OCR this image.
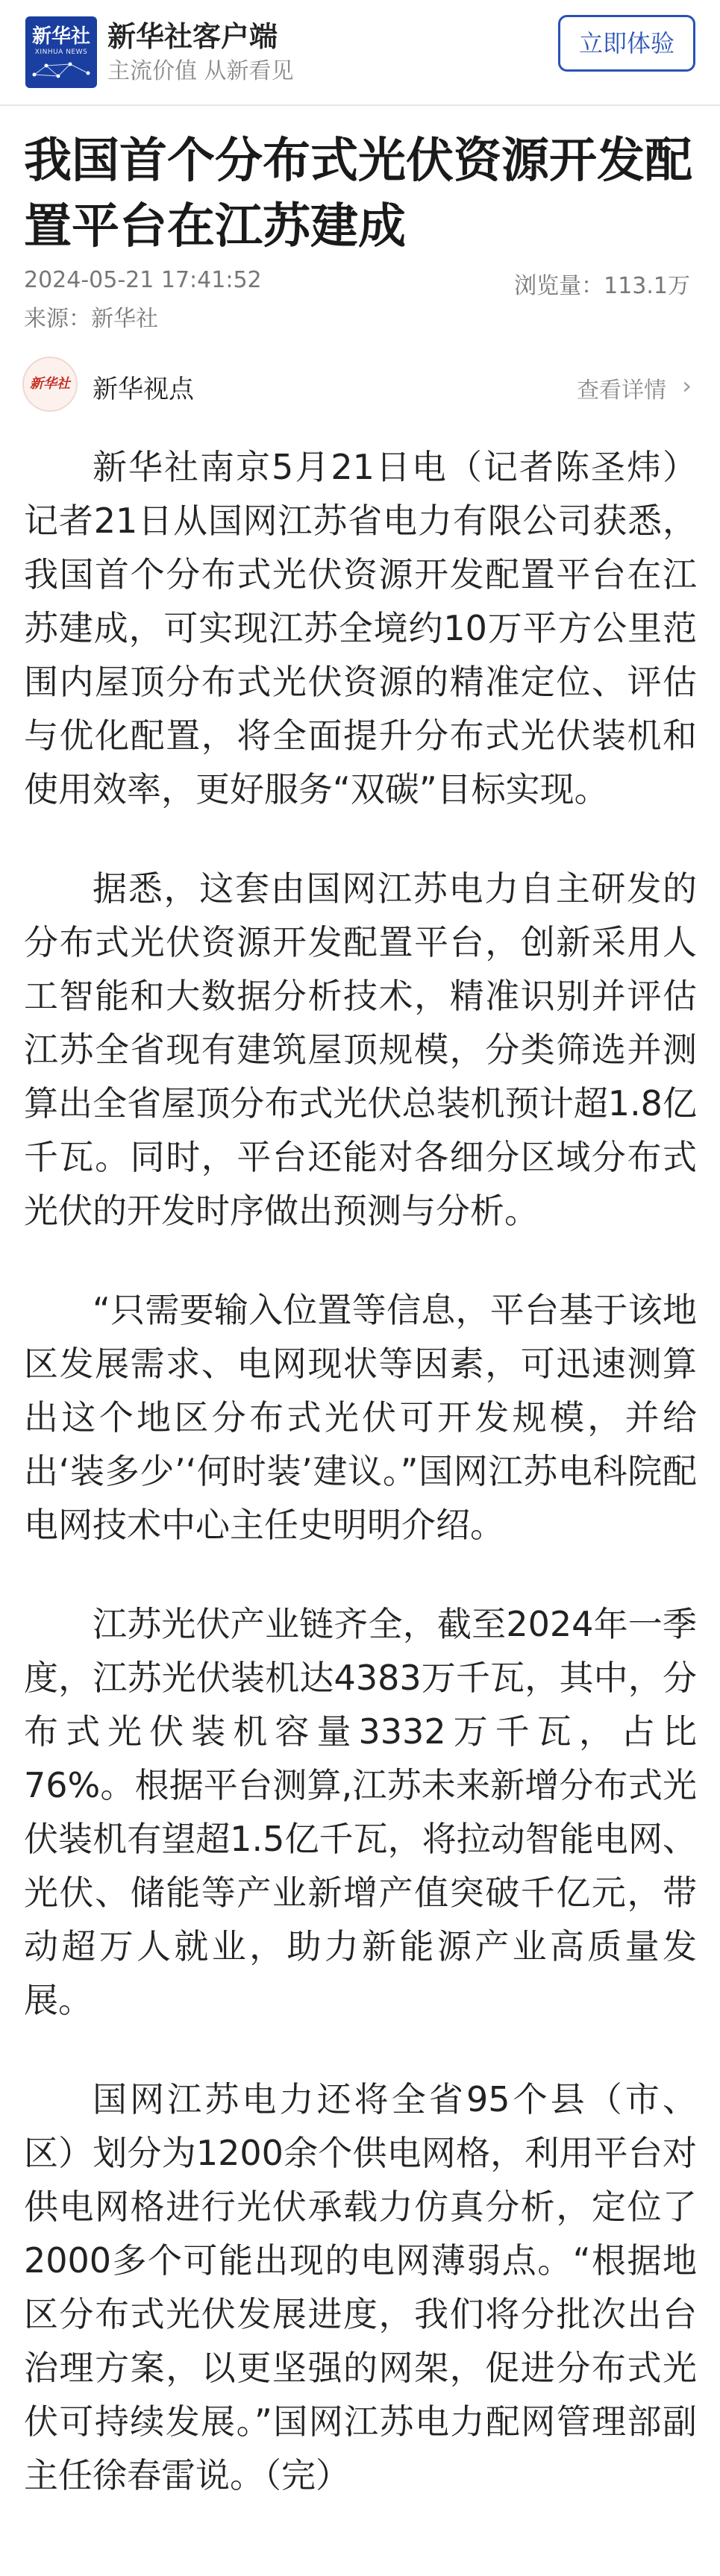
新华社
XINHUA NEWS 新华社客户端
主流价值 从新看见
立即体验
我国首个分布式光伏资源开发配置平台在江苏建成
2024-05-21 17:41:52	浏览量：113.1万
来源：新华社
新华社 新华视点	查看详情 ›

新华社南京5月21日电（记者陈圣炜）记者21日从国网江苏省电力有限公司获悉，我国首个分布式光伏资源开发配置平台在江苏建成，可实现江苏全境约10万平方公里范围内屋顶分布式光伏资源的精准定位、评估与优化配置，将全面提升分布式光伏装机和使用效率，更好服务“双碳”目标实现。

据悉，这套由国网江苏电力自主研发的分布式光伏资源开发配置平台，创新采用人工智能和大数据分析技术，精准识别并评估江苏全省现有建筑屋顶规模，分类筛选并测算出全省屋顶分布式光伏总装机预计超1.8亿千瓦。同时，平台还能对各细分区域分布式光伏的开发时序做出预测与分析。

“只需要输入位置等信息，平台基于该地区发展需求、电网现状等因素，可迅速测算出这个地区分布式光伏可开发规模，并给出‘装多少’‘何时装’建议。”国网江苏电科院配电网技术中心主任史明明介绍。

江苏光伏产业链齐全，截至2024年一季度，江苏光伏装机达4383万千瓦，其中，分布式光伏装机容量3332万千瓦，占比76%。根据平台测算,江苏未来新增分布式光伏装机有望超1.5亿千瓦，将拉动智能电网、光伏、储能等产业新增产值突破千亿元，带动超万人就业，助力新能源产业高质量发展。

国网江苏电力还将全省95个县（市、区）划分为1200余个供电网格，利用平台对供电网格进行光伏承载力仿真分析，定位了2000多个可能出现的电网薄弱点。“根据地区分布式光伏发展进度，我们将分批次出台治理方案，以更坚强的网架，促进分布式光伏可持续发展。”国网江苏电力配网管理部副主任徐春雷说。（完）
